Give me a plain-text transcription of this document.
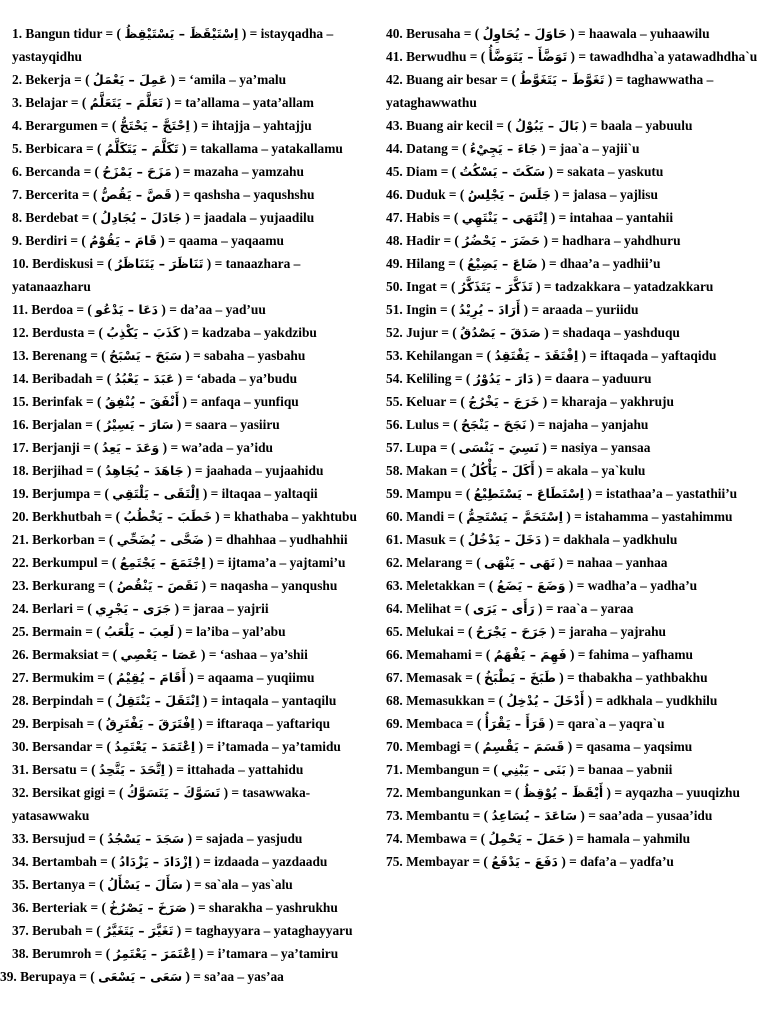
1. Bangun tidur = ( اِسْتَيْقَظَ – يَسْتَيْقِظُ ) = istayqadha – yastayqidhu
2. Bekerja = ( عَمِلَ – يَعْمَلُ ) = ‘amila – ya’malu
3. Belajar = ( تَعَلَّمَ – يَتَعَلَّمُ ) = ta’allama – yata’allam
4. Berargumen = ( اِحْتَجَّ – يَحْتَجُّ ) = ihtajja – yahtajju
5. Berbicara = ( تَكَلَّمَ – يَتَكَلَّمُ ) = takallama – yatakallamu
6. Bercanda = ( مَزَحَ – يَمْزَحُ ) = mazaha – yamzahu
7. Bercerita = ( قَصَّ – يَقُصُّ ) = qashsha – yaqushshu
8. Berdebat = ( جَادَلَ – يُجَادِلُ ) = jaadala – yujaadilu
9. Berdiri = ( قَامَ – يَقُوْمُ ) = qaama – yaqaamu
10. Berdiskusi = ( تَنَاظَرَ – يَتَنَاظَرُ ) = tanaazhara – yatanaazharu
11. Berdoa = ( دَعَا – يَدْعُو ) = da’aa – yad’uu
12. Berdusta = ( كَذَبَ – يَكْذِبُ ) = kadzaba – yakdzibu
13. Berenang = ( سَبَحَ – يَسْبَحُ ) = sabaha – yasbahu
14. Beribadah = ( عَبَدَ – يَعْبُدُ ) = ‘abada – ya’budu
15. Berinfak = ( أَنْفَقَ – يُنْفِقُ ) = anfaqa – yunfiqu
16. Berjalan = ( سَارَ – يَسِيْرُ ) = saara – yasiiru
17. Berjanji = ( وَعَدَ – يَعِدُ ) = wa’ada – ya’idu
18. Berjihad = ( جَاهَدَ – يُجَاهِدُ ) = jaahada – yujaahidu
19. Berjumpa = ( اِلْتَقَى – يَلْتَقِي ) = iltaqaa – yaltaqii
20. Berkhutbah = ( خَطَبَ – يَخْطُبُ ) = khathaba – yakhtubu
21. Berkorban = ( ضَحَّى – يُضَحِّي ) = dhahhaa – yudhahhii
22. Berkumpul = ( اِجْتَمَعَ – يَجْتَمِعُ ) = ijtama’a – yajtami’u
23. Berkurang = ( نَقَصَ – يَنْقُصُ ) = naqasha – yanqushu
24. Berlari = ( جَرَى – يَجْرِي ) = jaraa – yajrii
25. Bermain = ( لَعِبَ – يَلْعَبُ ) = la’iba – yal’abu
26. Bermaksiat = ( عَصَا – يَعْصِي ) = ‘ashaa – ya’shii
27. Bermukim = ( أَقَامَ – يُقِيْمُ ) = aqaama – yuqiimu
28. Berpindah = ( اِنْتَقَلَ – يَنْتَقِلُ ) = intaqala – yantaqilu
29. Berpisah = ( اِفْتَرَقَ – يَفْتَرِقُ ) = iftaraqa – yaftariqu
30. Bersandar = ( اِعْتَمَدَ – يَعْتَمِدُ ) = i’tamada – ya’tamidu
31. Bersatu = ( اِتَّحَدَ – يَتَّحِدُ ) = ittahada – yattahidu
32. Bersikat gigi = ( تَسَوَّكَ – يَتَسَوَّكُ ) = tasawwaka- yatasawwaku
33. Bersujud = ( سَجَدَ – يَسْجُدُ ) = sajada – yasjudu
34. Bertambah = ( اِزْدَادَ – يَزْدَادُ ) = izdaada – yazdaadu
35. Bertanya = ( سَأَلَ – يَسْأَلُ ) = sa`ala – yas`alu
36. Berteriak = ( صَرَخَ – يَصْرُخُ ) = sharakha – yashrukhu
37. Berubah = ( تَغَيَّرَ – يَتَغَيَّرُ ) = taghayyara – yataghayyaru
38. Berumroh = ( اِعْتَمَرَ – يَعْتَمِرُ ) = i’tamara – ya’tamiru
39. Berupaya = ( سَعَى – يَسْعَى ) = sa’aa – yas’aa
40. Berusaha = ( حَاوَلَ – يُحَاوِلُ ) = haawala – yuhaawilu
41. Berwudhu = ( تَوَضَّأَ – يَتَوَضَّأُ ) = tawadhdha`a yatawadhdha`u
42. Buang air besar = ( تَغَوَّطَ – يَتَغَوَّطُ ) = taghawwatha – yataghawwathu
43. Buang air kecil = ( بَالَ – يَبُوْلُ ) = baala – yabuulu
44. Datang = ( جَاءَ – يَجِيْءُ ) = jaa`a – yajii`u
45. Diam = ( سَكَتَ – يَسْكُتُ ) = sakata – yaskutu
46. Duduk = ( جَلَسَ – يَجْلِسُ ) = jalasa – yajlisu
47. Habis = ( اِنْتَهَى – يَنْتَهِي ) = intahaa – yantahii
48. Hadir = ( حَضَرَ – يَحْضُرُ ) = hadhara – yahdhuru
49. Hilang = ( ضَاعَ – يَضِيْعُ ) = dhaa’a – yadhii’u
50. Ingat = ( تَذَكَّرَ – يَتَذَكَّرُ ) = tadzakkara – yatadzakkaru
51. Ingin = ( أَرَادَ – يُرِيْدُ ) = araada – yuriidu
52. Jujur = ( صَدَقَ – يَصْدُقُ ) = shadaqa – yashduqu
53. Kehilangan = ( اِفْتَقَدَ – يَفْتَقِدُ ) = iftaqada – yaftaqidu
54. Keliling = ( دَارَ – يَدُوْرُ ) = daara – yaduuru
55. Keluar = ( خَرَجَ – يَخْرُجُ ) = kharaja – yakhruju
56. Lulus = ( نَجَحَ – يَنْجَحُ ) = najaha – yanjahu
57. Lupa = ( نَسِيَ – يَنْسَى ) = nasiya – yansaa
58. Makan = ( أَكَلَ – يَأْكُلُ ) = akala – ya`kulu
59. Mampu = ( اِسْتَطَاعَ – يَسْتَطِيْعُ ) = istathaa’a – yastathii’u
60. Mandi = ( اِسْتَحَمَّ – يَسْتَحِمُّ ) = istahamma – yastahimmu
61. Masuk = ( دَخَلَ – يَدْخُلُ ) = dakhala – yadkhulu
62. Melarang = ( نَهَى – يَنْهَى ) = nahaa – yanhaa
63. Meletakkan = ( وَضَعَ – يَضَعُ ) = wadha’a – yadha’u
64. Melihat = ( رَأَى – يَرَى ) = raa`a – yaraa
65. Melukai = ( جَرَحَ – يَجْرَحُ ) = jaraha – yajrahu
66. Memahami = ( فَهِمَ – يَفْهَمُ ) = fahima – yafhamu
67. Memasak = ( طَبَخَ – يَطْبَخُ ) = thabakha – yathbakhu
68. Memasukkan = ( أَدْخَلَ – يُدْخِلُ ) = adkhala – yudkhilu
69. Membaca = ( قَرَأَ – يَقْرَأُ ) = qara`a – yaqra`u
70. Membagi = ( قَسَمَ – يَقْسِمُ ) = qasama – yaqsimu
71. Membangun = ( بَنَى – يَبْنِي ) = banaa – yabnii
72. Membangunkan = ( أَيْقَظَ – يُوْقِظُ ) = ayqazha – yuuqizhu
73. Membantu = ( سَاعَدَ – يُسَاعِدُ ) = saa’ada – yusaa’idu
74. Membawa = ( حَمَلَ – يَحْمِلُ ) = hamala – yahmilu
75. Membayar = ( دَفَعَ – يَدْفَعُ ) = dafa’a – yadfa’u
